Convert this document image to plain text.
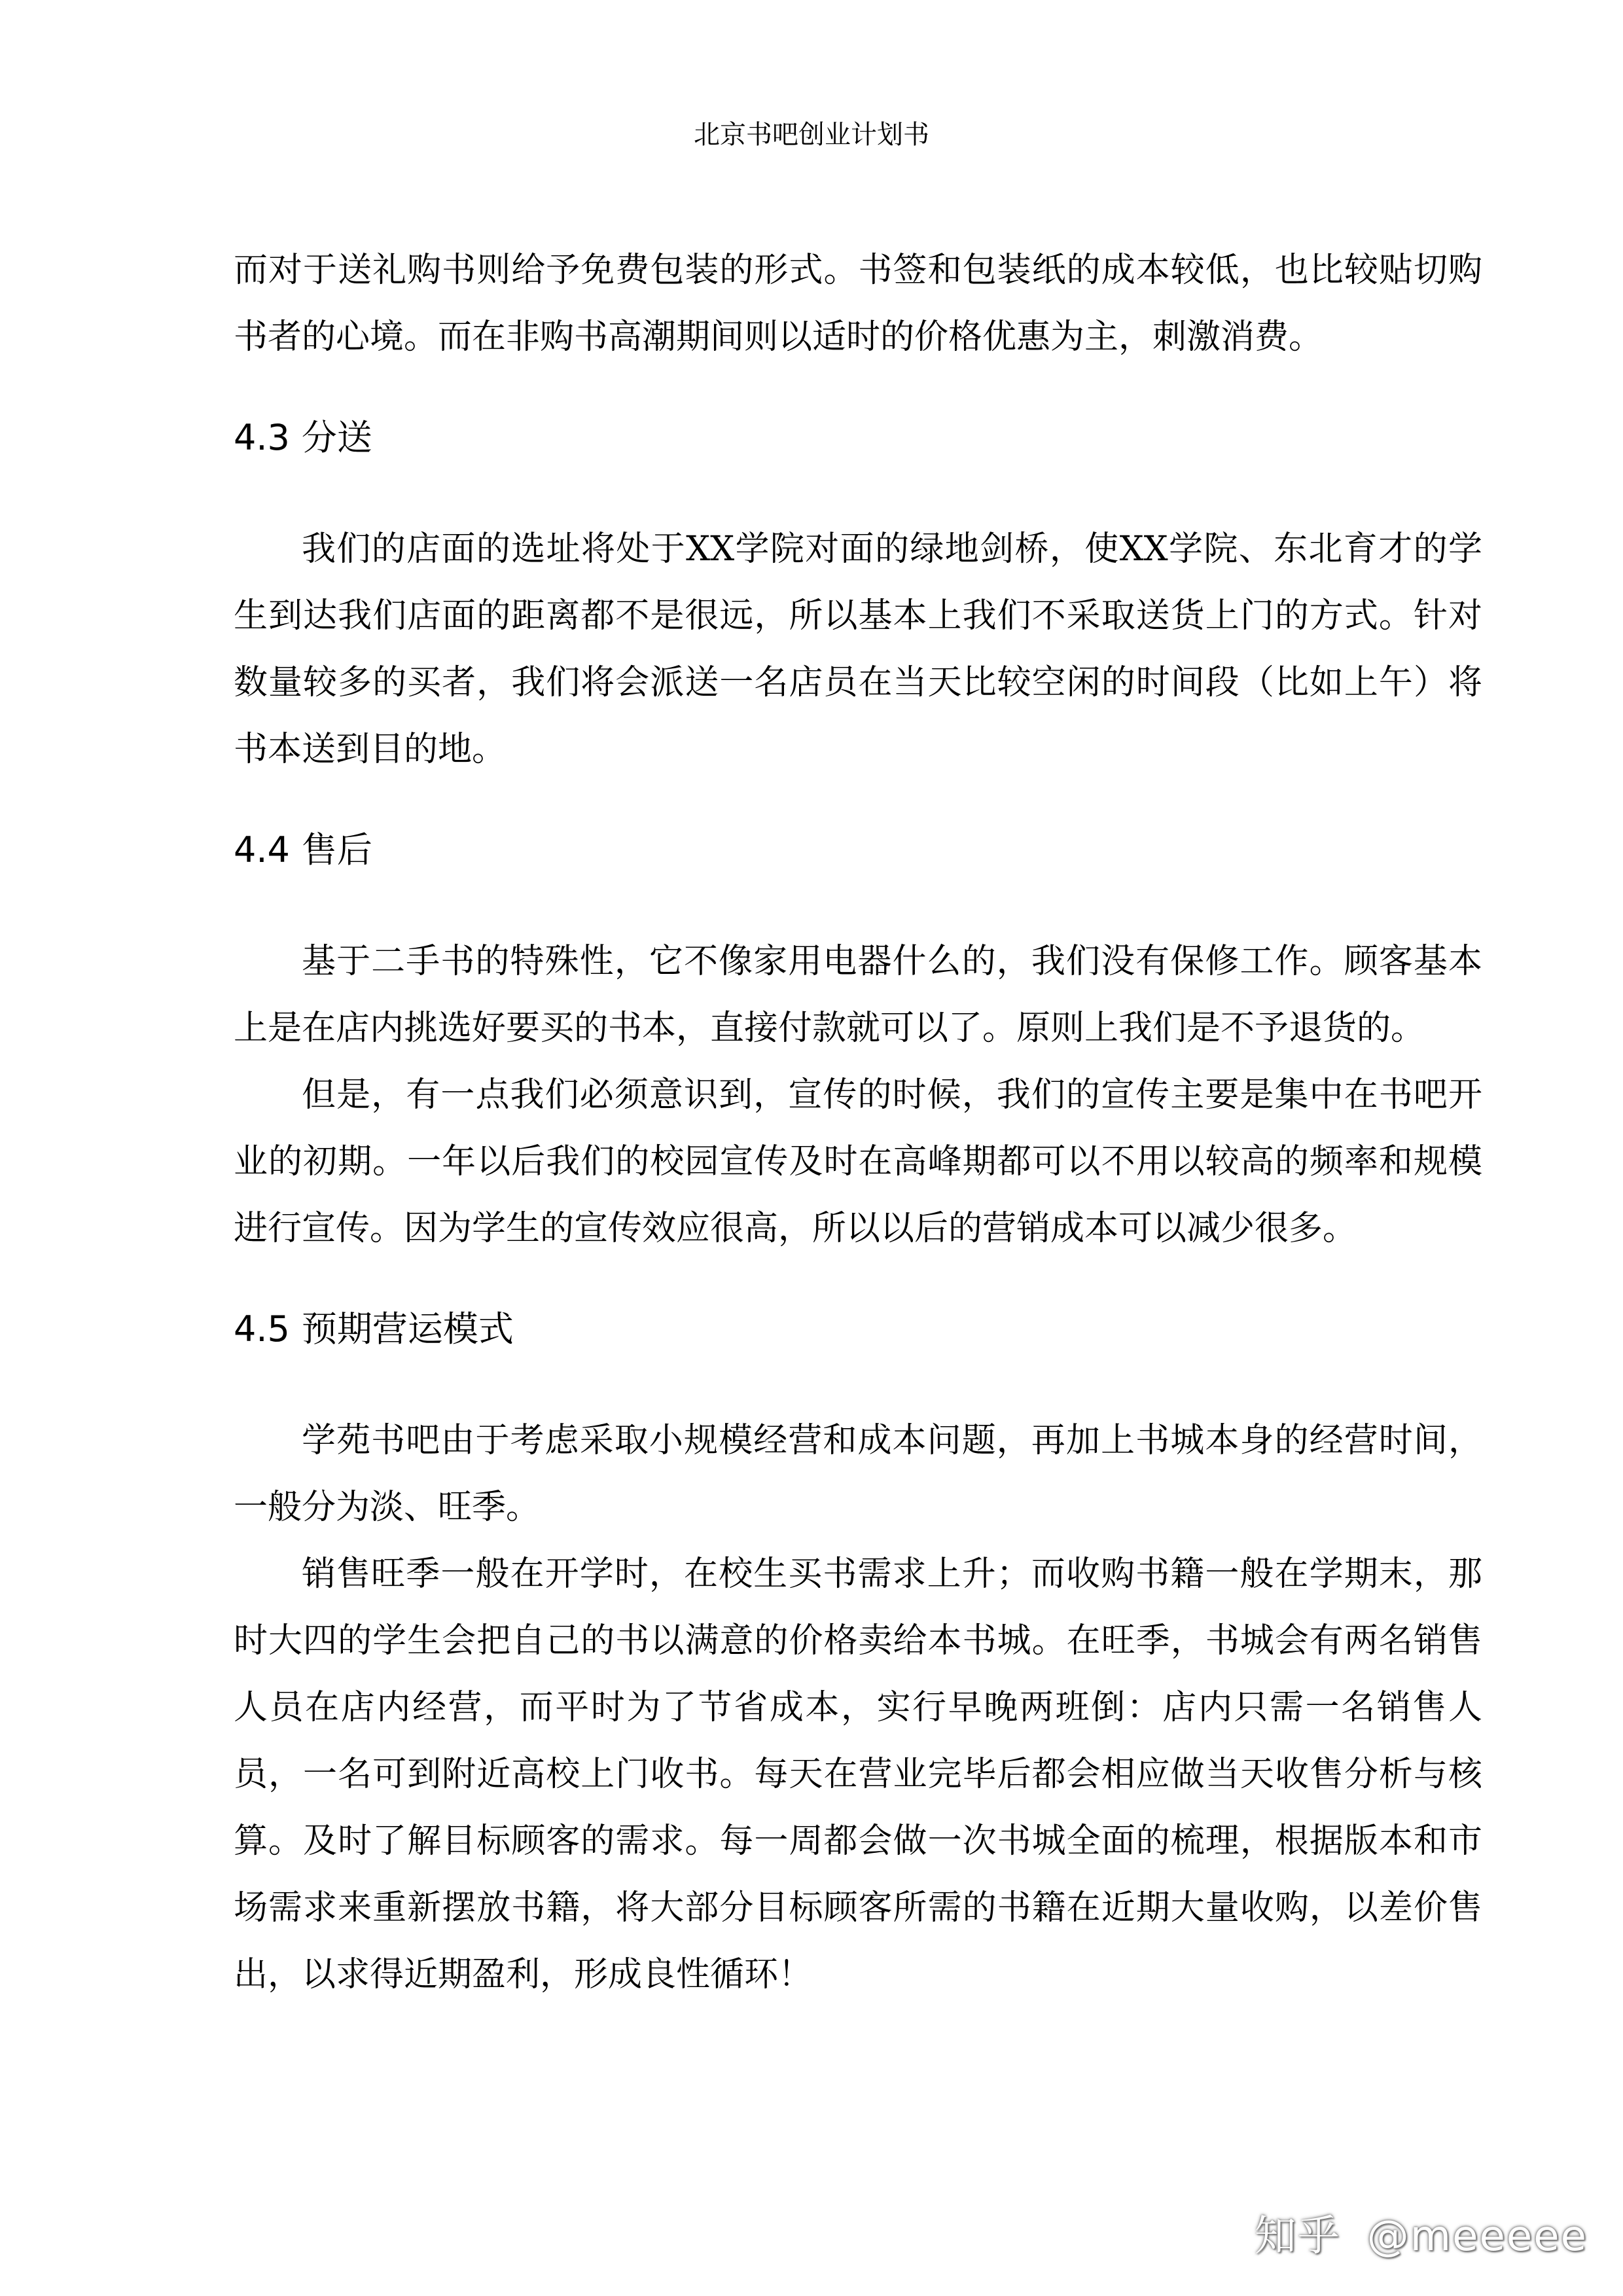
北京书吧创业计划书

而对于送礼购书则给予免费包装的形式。书签和包装纸的成本较低，也比较贴切购书者的心境。而在非购书高潮期间则以适时的价格优惠为主，刺激消费。

4.3 分送

我们的店面的选址将处于XX学院对面的绿地剑桥，使XX学院、东北育才的学生到达我们店面的距离都不是很远，所以基本上我们不采取送货上门的方式。针对数量较多的买者，我们将会派送一名店员在当天比较空闲的时间段（比如上午）将书本送到目的地。

4.4 售后

基于二手书的特殊性，它不像家用电器什么的，我们没有保修工作。顾客基本上是在店内挑选好要买的书本，直接付款就可以了。原则上我们是不予退货的。

但是，有一点我们必须意识到，宣传的时候，我们的宣传主要是集中在书吧开业的初期。一年以后我们的校园宣传及时在高峰期都可以不用以较高的频率和规模进行宣传。因为学生的宣传效应很高，所以以后的营销成本可以减少很多。

4.5 预期营运模式

学苑书吧由于考虑采取小规模经营和成本问题，再加上书城本身的经营时间，一般分为淡、旺季。

销售旺季一般在开学时，在校生买书需求上升；而收购书籍一般在学期末，那时大四的学生会把自己的书以满意的价格卖给本书城。在旺季，书城会有两名销售人员在店内经营，而平时为了节省成本，实行早晚两班倒：店内只需一名销售人员，一名可到附近高校上门收书。每天在营业完毕后都会相应做当天收售分析与核算。及时了解目标顾客的需求。每一周都会做一次书城全面的梳理，根据版本和市场需求来重新摆放书籍，将大部分目标顾客所需的书籍在近期大量收购，以差价售出，以求得近期盈利，形成良性循环！

知乎 @meeeee
